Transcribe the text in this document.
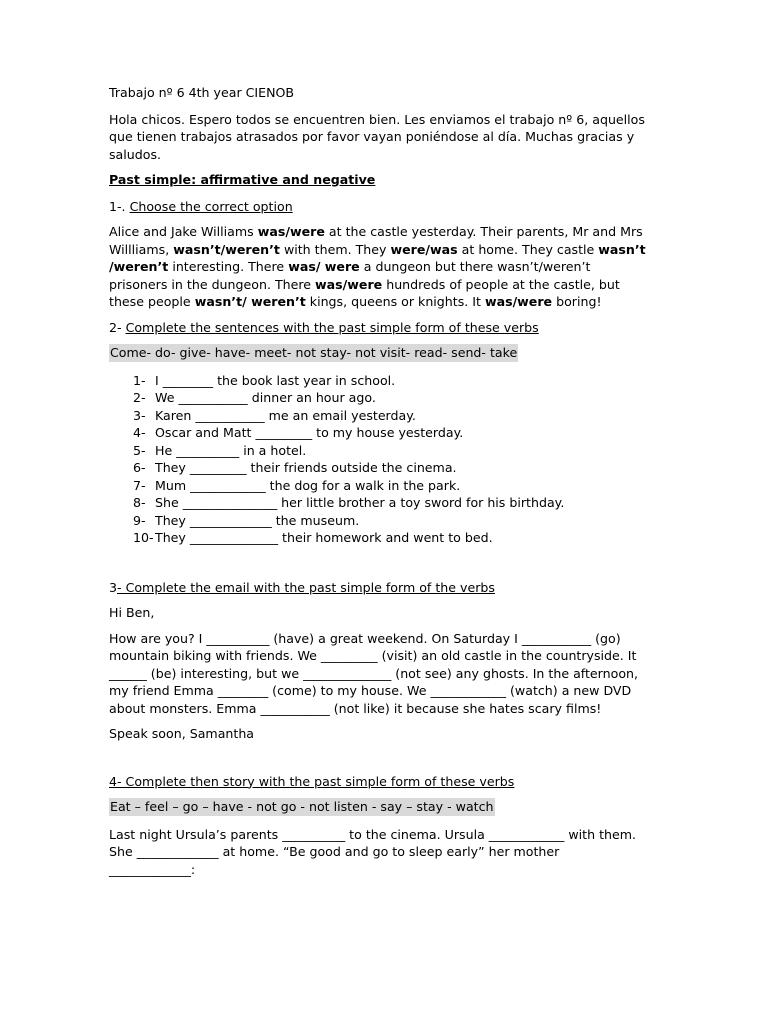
Trabajo nº 6 4th year CIENOB

Hola chicos. Espero todos se encuentren bien. Les enviamos el trabajo nº 6, aquellos que tienen trabajos atrasados por favor vayan poniéndose al día. Muchas gracias y saludos.

Past simple: affirmative and negative

1-. Choose the correct option

Alice and Jake Williams was/were at the castle yesterday. Their parents, Mr and Mrs Willliams, wasn’t/weren’t with them. They were/was at home. They castle wasn’t /weren’t interesting. There was/ were a dungeon but there wasn’t/weren’t prisoners in the dungeon. There was/were hundreds of people at the castle, but these people wasn’t/ weren’t kings, queens or knights. It was/were boring!

2- Complete the sentences with the past simple form of these verbs

Come- do- give- have- meet- not stay- not visit- read- send- take
1- I ________ the book last year in school.
2- We ___________ dinner an hour ago.
3- Karen ___________ me an email yesterday.
4- Oscar and Matt _________ to my house yesterday.
5- He __________ in a hotel.
6- They _________ their friends outside the cinema.
7- Mum ____________ the dog for a walk in the park.
8- She _______________ her little brother a toy sword for his birthday.
9- They _____________ the museum.
10- They ______________ their homework and went to bed.

3- Complete the email with the past simple form of the verbs

Hi Ben,

How are you? I __________ (have) a great weekend. On Saturday I ___________ (go) mountain biking with friends. We _________ (visit) an old castle in the countryside. It ______ (be) interesting, but we ______________ (not see) any ghosts. In the afternoon, my friend Emma ________ (come) to my house. We ____________ (watch) a new DVD about monsters. Emma ___________ (not like) it because she hates scary films!

Speak soon, Samantha

4- Complete then story with the past simple form of these verbs

Eat – feel – go – have - not go - not listen - say – stay - watch

Last night Ursula’s parents __________ to the cinema. Ursula ____________ with them. She _____________ at home. “Be good and go to sleep early” her mother _____________:
